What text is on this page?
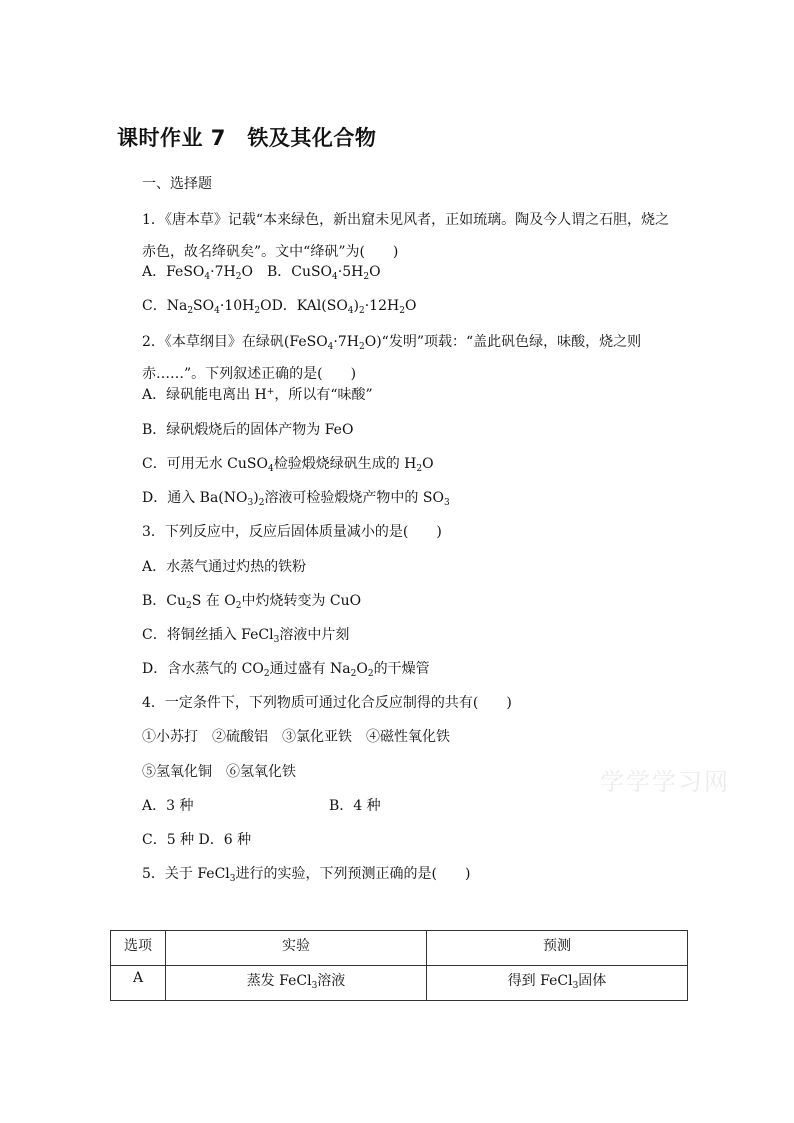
课时作业 7　铁及其化合物
一、选择题
1．《唐本草》记载“本来绿色，新出窟未见风者，正如琉璃。陶及今人谓之石胆，烧之赤色，故名绛矾矣”。文中“绛矾”为(　　)
A．$FeSO_4\cdot 7H_2O$　 B．$CuSO_4\cdot 5H_2O$
C．$Na_2SO_4\cdot 10H_2OD$．$KAl(SO_4)_2\cdot 12H_2O$
2．《本草纲目》在绿矾$(FeSO_4\cdot 7H_2O)“$发明”项载：“盖此矾色绿，味酸，烧之则赤……”。下列叙述正确的是(　　)
A．绿矾能电离出 H+，所以有“味酸”
B．绿矾煅烧后的固体产物为 FeO
C．可用无水 CuSO$_4$检验煅烧绿矾生成的 $H_2O$
D．通入 $Ba(NO_3)_2$溶液可检验煅烧产物中的 $SO_3$
3．下列反应中，反应后固体质量减小的是(　　)
A．水蒸气通过灼热的铁粉
B．$Cu_2S$ 在 $O_2$中灼烧转变为 CuO
C．将铜丝插入 FeCl$_3$溶液中片刻
D．含水蒸气的 $CO_2$通过盛有 $Na_2O_2$的干燥管
4．一定条件下，下列物质可通过化合反应制得的共有(　　)
①小苏打　②硫酸铝　③氯化亚铁　④磁性氧化铁
⑤氢氧化铜　⑥氢氧化铁
A．3 种	B．4 种
C．5 种 D．6 种
5．关于 FeCl$_3$进行的实验，下列预测正确的是(　　)
学学学习网
选项	实验	预测
A	蒸发 FeCl$_3$溶液	得到 FeCl$_3$固体
